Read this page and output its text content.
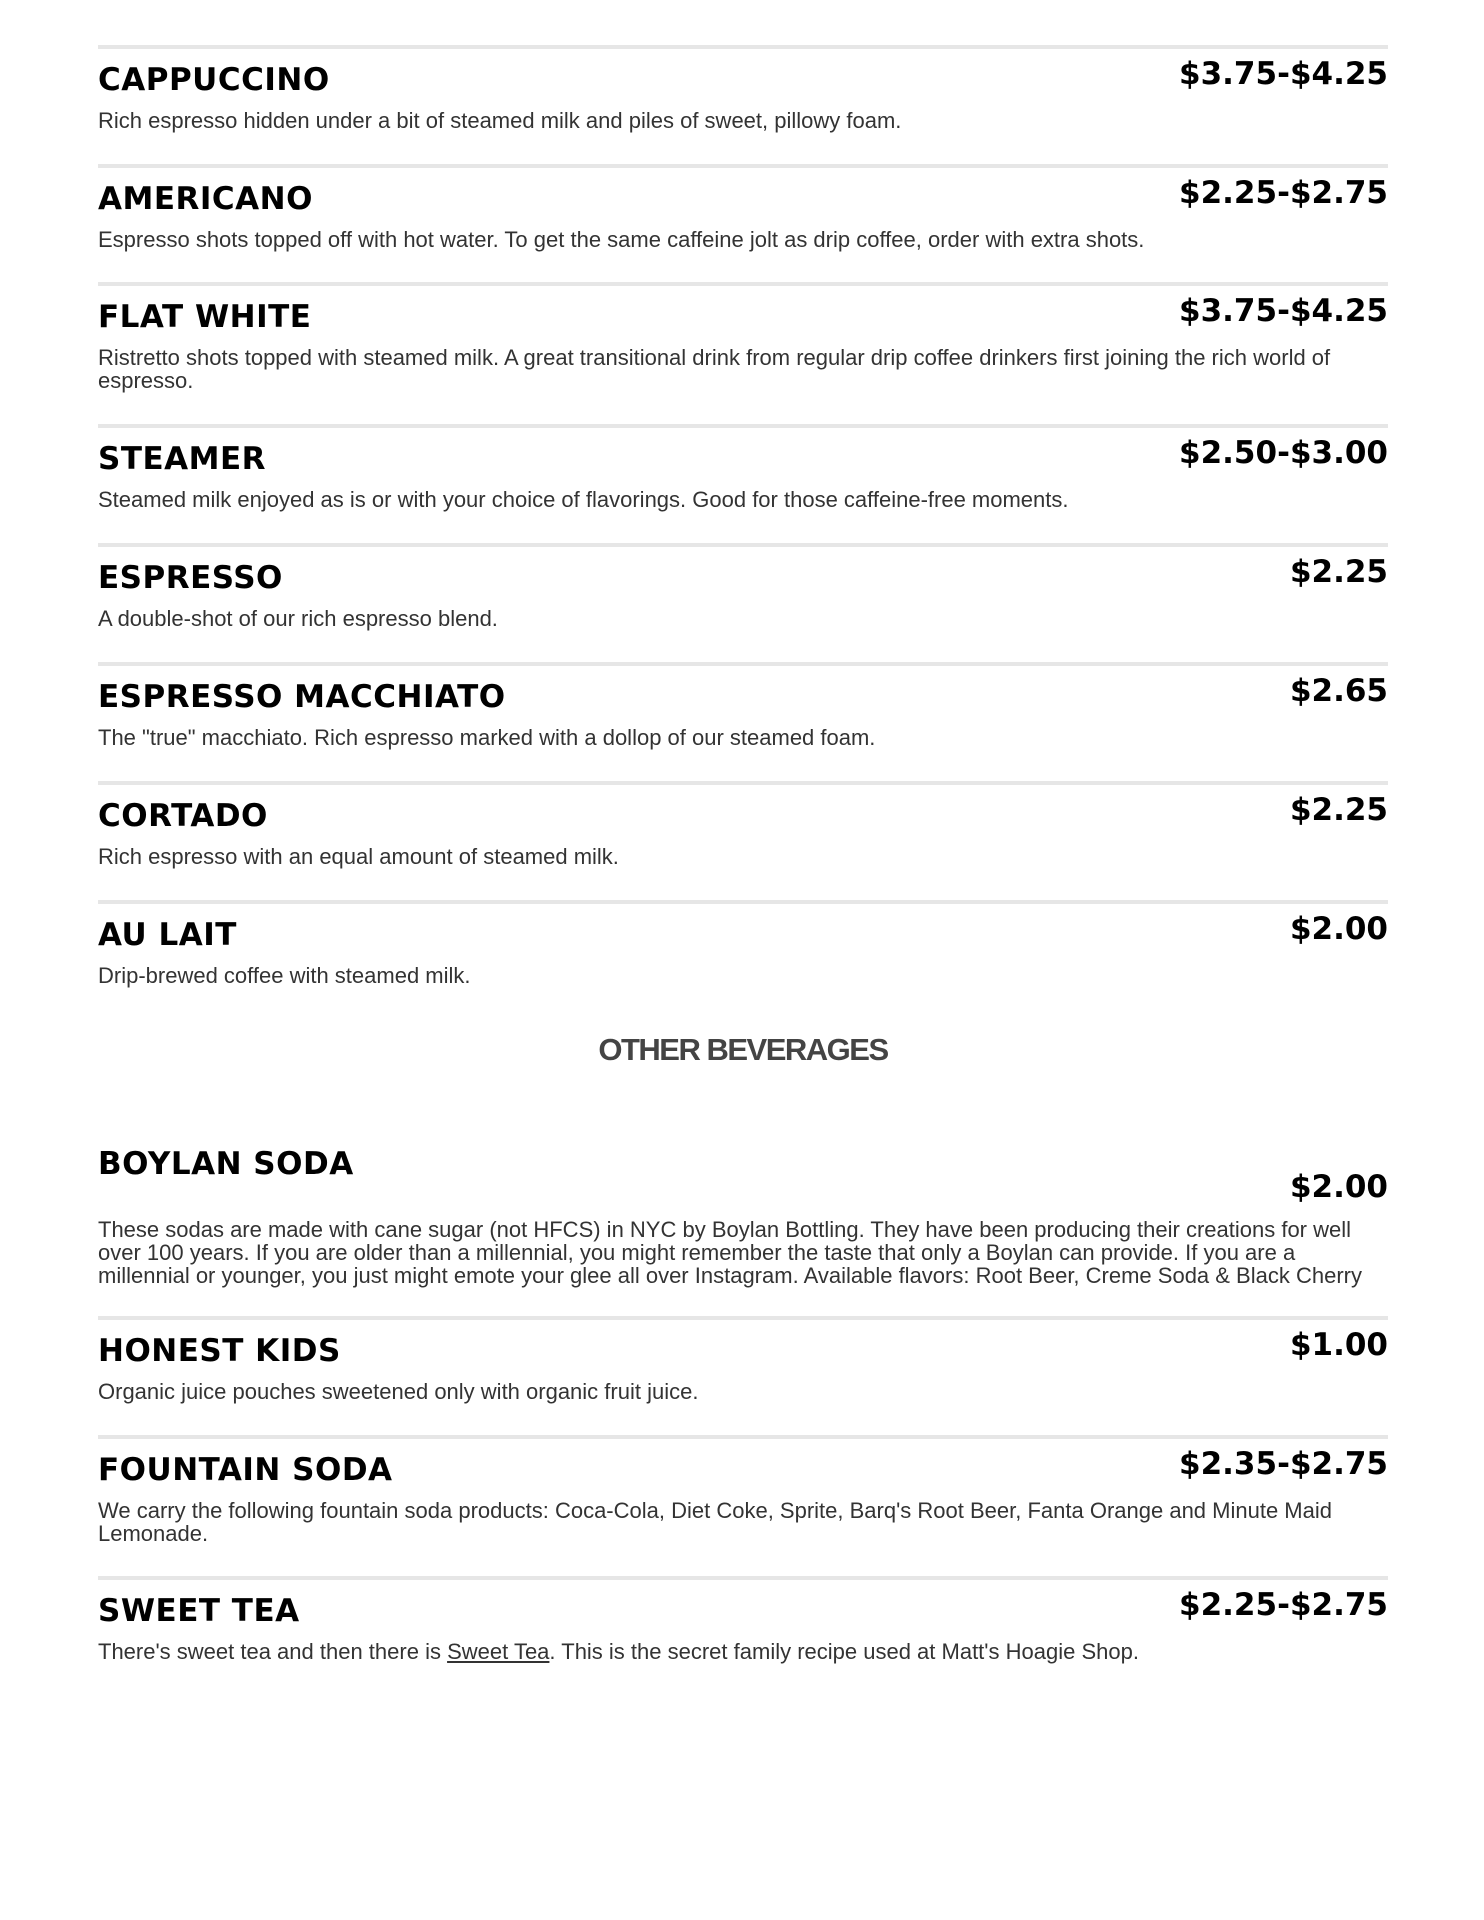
$3.75-$4.25
CAPPUCCINO

Rich espresso hidden under a bit of steamed milk and piles of sweet, pillowy foam.

$2.25-$2.75
AMERICANO

Espresso shots topped off with hot water. To get the same caffeine jolt as drip coffee, order with extra shots.

$3.75-$4.25
FLAT WHITE

Ristretto shots topped with steamed milk. A great transitional drink from regular drip coffee drinkers first joining the rich world of espresso.

$2.50-$3.00
STEAMER

Steamed milk enjoyed as is or with your choice of flavorings. Good for those caffeine-free moments.

$2.25
ESPRESSO

A double-shot of our rich espresso blend.

$2.65
ESPRESSO MACCHIATO

The "true" macchiato. Rich espresso marked with a dollop of our steamed foam.

$2.25
CORTADO

Rich espresso with an equal amount of steamed milk.

$2.00
AU LAIT

Drip-brewed coffee with steamed milk.

OTHER BEVERAGES
$2.00
BOYLAN SODA

These sodas are made with cane sugar (not HFCS) in NYC by Boylan Bottling. They have been producing their creations for well over 100 years. If you are older than a millennial, you might remember the taste that only a Boylan can provide. If you are a millennial or younger, you just might emote your glee all over Instagram. Available flavors: Root Beer, Creme Soda & Black Cherry

$1.00
HONEST KIDS

Organic juice pouches sweetened only with organic fruit juice.

$2.35-$2.75
FOUNTAIN SODA

We carry the following fountain soda products: Coca-Cola, Diet Coke, Sprite, Barq's Root Beer, Fanta Orange and Minute Maid Lemonade.

$2.25-$2.75
SWEET TEA

There's sweet tea and then there is Sweet Tea. This is the secret family recipe used at Matt's Hoagie Shop.
